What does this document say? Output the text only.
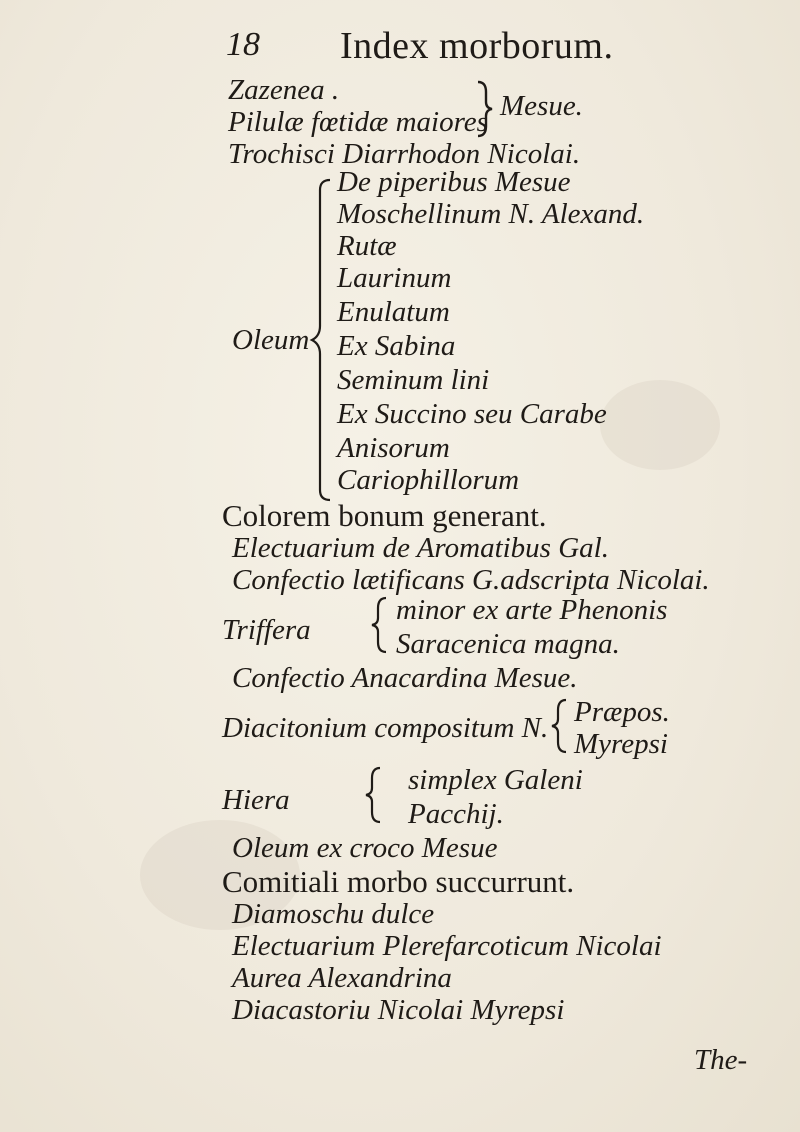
18 Index morborum.
Zazenea .
Pilulæ fœtidæ maiores Mesue.
Trochisci Diarrhodon Nicolai.
Oleum
De piperibus Mesue
Moschellinum N. Alexand.
Rutæ
Laurinum
Enulatum
Ex Sabina
Seminum lini
Ex Succino seu Carabe
Anisorum
Cariophillorum
Colorem bonum generant.
Electuarium de Aromatibus Gal.
Confectio lætificans G.adscripta Nicolai.
Triffera
minor ex arte Phenonis
Saracenica magna.
Confectio Anacardina Mesue.
Diacitonium compositum N. Præpos.
Myrepsi
Hiera
simplex Galeni
Pacchij.
Oleum ex croco Mesue
Comitiali morbo succurrunt.
Diamoschu dulce
Electuarium Plerefarcoticum Nicolai
Aurea Alexandrina
Diacastoriu Nicolai Myrepsi
The-
